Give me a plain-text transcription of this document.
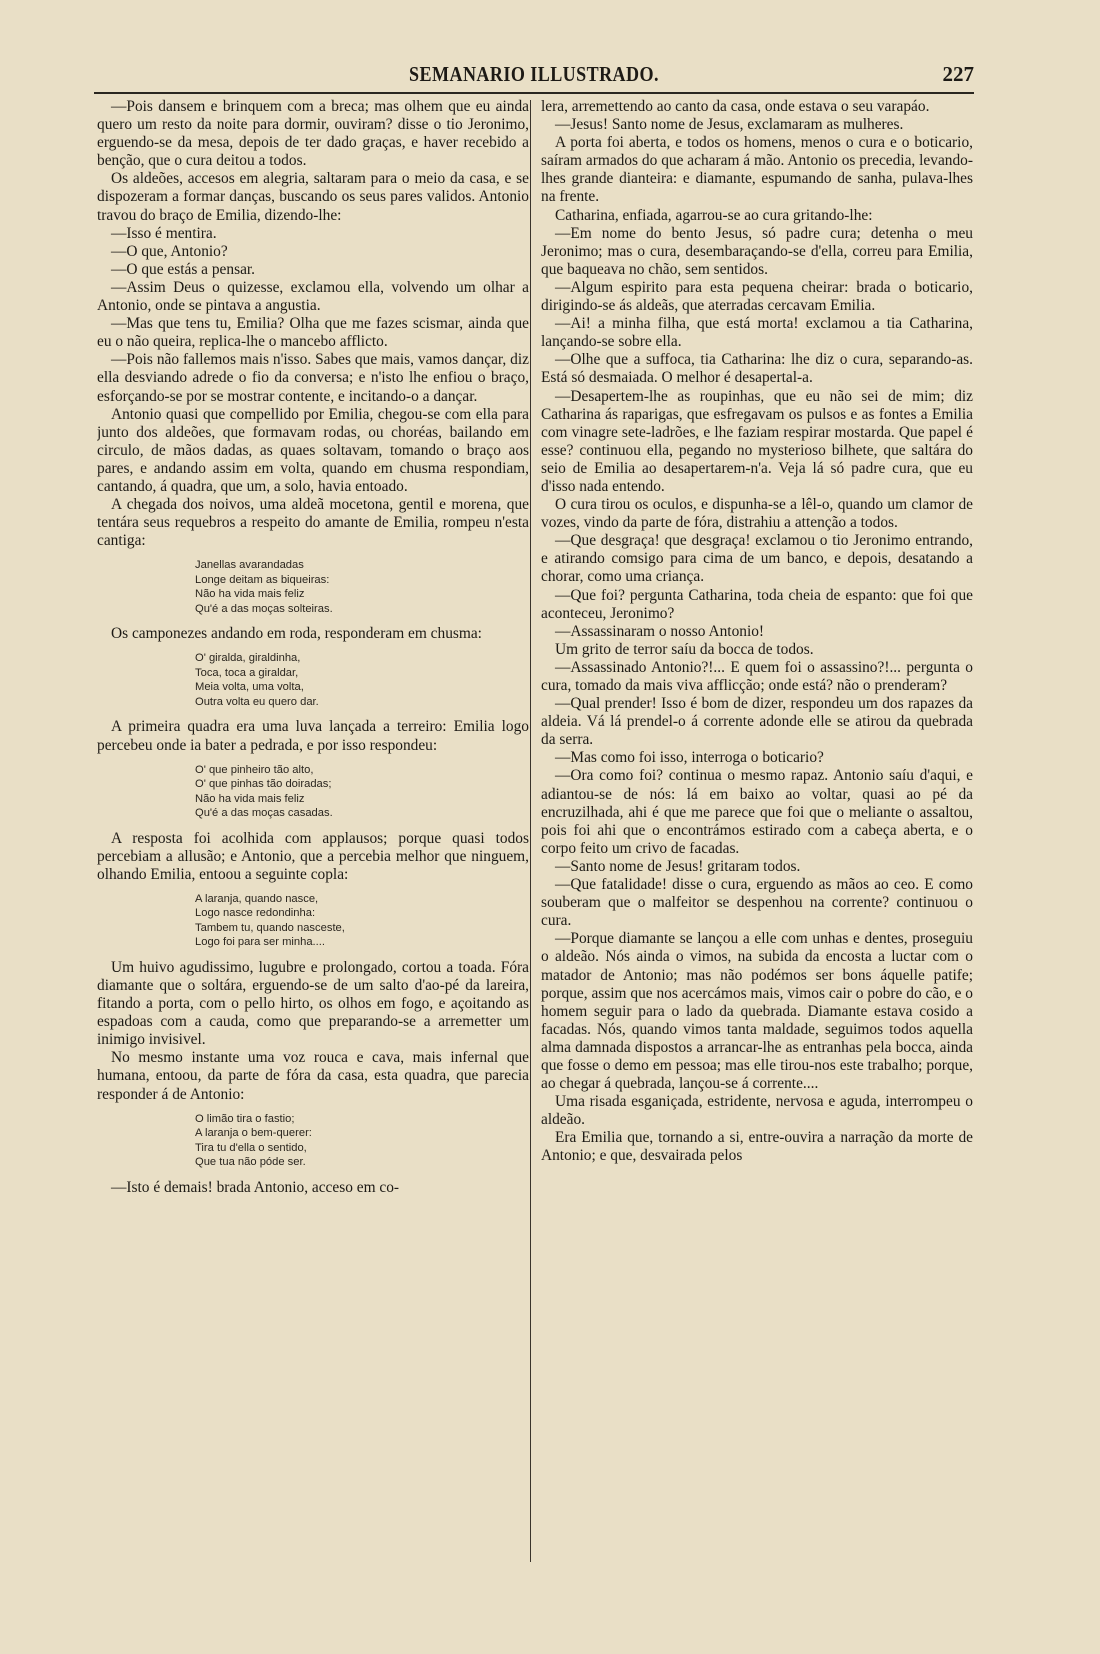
SEMANARIO ILLUSTRADO.	227

—Pois dansem e brinquem com a breca; mas olhem que eu ainda quero um resto da noite para dormir, ouviram? disse o tio Jeronimo, erguendo-se da mesa, depois de ter dado graças, e haver recebido a benção, que o cura deitou a todos.

Os aldeões, accesos em alegria, saltaram para o meio da casa, e se dispozeram a formar danças, buscando os seus pares validos. Antonio travou do braço de Emilia, dizendo-lhe:

—Isso é mentira.

—O que, Antonio?

—O que estás a pensar.

—Assim Deus o quizesse, exclamou ella, volvendo um olhar a Antonio, onde se pintava a angustia.

—Mas que tens tu, Emilia? Olha que me fazes scismar, ainda que eu o não queira, replica-lhe o mancebo afflicto.

—Pois não fallemos mais n'isso. Sabes que mais, vamos dançar, diz ella desviando adrede o fio da conversa; e n'isto lhe enfiou o braço, esforçando-se por se mostrar contente, e incitando-o a dançar.

Antonio quasi que compellido por Emilia, chegou-se com ella para junto dos aldeões, que formavam rodas, ou choréas, bailando em circulo, de mãos dadas, as quaes soltavam, tomando o braço aos pares, e andando assim em volta, quando em chusma respondiam, cantando, á quadra, que um, a solo, havia entoado.

A chegada dos noivos, uma aldeã mocetona, gentil e morena, que tentára seus requebros a respeito do amante de Emilia, rompeu n'esta cantiga:

Janellas avarandadas
Longe deitam as biqueiras:
Não ha vida mais feliz
Qu'é a das moças solteiras.

Os camponezes andando em roda, responderam em chusma:

O' giralda, giraldinha,
Toca, toca a giraldar,
Meia volta, uma volta,
Outra volta eu quero dar.

A primeira quadra era uma luva lançada a terreiro: Emilia logo percebeu onde ia bater a pedrada, e por isso respondeu:

O' que pinheiro tão alto,
O' que pinhas tão doiradas;
Não ha vida mais feliz
Qu'é a das moças casadas.

A resposta foi acolhida com applausos; porque quasi todos percebiam a allusão; e Antonio, que a percebia melhor que ninguem, olhando Emilia, entoou a seguinte copla:

A laranja, quando nasce,
Logo nasce redondinha:
Tambem tu, quando nasceste,
Logo foi para ser minha....

Um huivo agudissimo, lugubre e prolongado, cortou a toada. Fóra diamante que o soltára, erguendo-se de um salto d'ao-pé da lareira, fitando a porta, com o pello hirto, os olhos em fogo, e açoitando as espadoas com a cauda, como que preparando-se a arremetter um inimigo invisivel.

No mesmo instante uma voz rouca e cava, mais infernal que humana, entoou, da parte de fóra da casa, esta quadra, que parecia responder á de Antonio:

O limão tira o fastio;
A laranja o bem-querer:
Tira tu d'ella o sentido,
Que tua não póde ser.

—Isto é demais! brada Antonio, acceso em co-

lera, arremettendo ao canto da casa, onde estava o seu varapáo.

—Jesus! Santo nome de Jesus, exclamaram as mulheres.

A porta foi aberta, e todos os homens, menos o cura e o boticario, saíram armados do que acharam á mão. Antonio os precedia, levando-lhes grande dianteira: e diamante, espumando de sanha, pulava-lhes na frente.

Catharina, enfiada, agarrou-se ao cura gritando-lhe:

—Em nome do bento Jesus, só padre cura; detenha o meu Jeronimo; mas o cura, desembaraçando-se d'ella, correu para Emilia, que baqueava no chão, sem sentidos.

—Algum espirito para esta pequena cheirar: brada o boticario, dirigindo-se ás aldeãs, que aterradas cercavam Emilia.

—Ai! a minha filha, que está morta! exclamou a tia Catharina, lançando-se sobre ella.

—Olhe que a suffoca, tia Catharina: lhe diz o cura, separando-as. Está só desmaiada. O melhor é desapertal-a.

—Desapertem-lhe as roupinhas, que eu não sei de mim; diz Catharina ás raparigas, que esfregavam os pulsos e as fontes a Emilia com vinagre sete-ladrões, e lhe faziam respirar mostarda. Que papel é esse? continuou ella, pegando no mysterioso bilhete, que saltára do seio de Emilia ao desapertarem-n'a. Veja lá só padre cura, que eu d'isso nada entendo.

O cura tirou os oculos, e dispunha-se a lêl-o, quando um clamor de vozes, vindo da parte de fóra, distrahiu a attenção a todos.

—Que desgraça! que desgraça! exclamou o tio Jeronimo entrando, e atirando comsigo para cima de um banco, e depois, desatando a chorar, como uma criança.

—Que foi? pergunta Catharina, toda cheia de espanto: que foi que aconteceu, Jeronimo?

—Assassinaram o nosso Antonio!

Um grito de terror saíu da bocca de todos.

—Assassinado Antonio?!... E quem foi o assassino?!... pergunta o cura, tomado da mais viva afflicção; onde está? não o prenderam?

—Qual prender! Isso é bom de dizer, respondeu um dos rapazes da aldeia. Vá lá prendel-o á corrente adonde elle se atirou da quebrada da serra.

—Mas como foi isso, interroga o boticario?

—Ora como foi? continua o mesmo rapaz. Antonio saíu d'aqui, e adiantou-se de nós: lá em baixo ao voltar, quasi ao pé da encruzilhada, ahi é que me parece que foi que o meliante o assaltou, pois foi ahi que o encontrámos estirado com a cabeça aberta, e o corpo feito um crivo de facadas.

—Santo nome de Jesus! gritaram todos.

—Que fatalidade! disse o cura, erguendo as mãos ao ceo. E como souberam que o malfeitor se despenhou na corrente? continuou o cura.

—Porque diamante se lançou a elle com unhas e dentes, proseguiu o aldeão. Nós ainda o vimos, na subida da encosta a luctar com o matador de Antonio; mas não podémos ser bons áquelle patife; porque, assim que nos acercámos mais, vimos cair o pobre do cão, e o homem seguir para o lado da quebrada. Diamante estava cosido a facadas. Nós, quando vimos tanta maldade, seguimos todos aquella alma damnada dispostos a arrancar-lhe as entranhas pela bocca, ainda que fosse o demo em pessoa; mas elle tirou-nos este trabalho; porque, ao chegar á quebrada, lançou-se á corrente....

Uma risada esganiçada, estridente, nervosa e aguda, interrompeu o aldeão.

Era Emilia que, tornando a si, entre-ouvira a narração da morte de Antonio; e que, desvairada pelos
